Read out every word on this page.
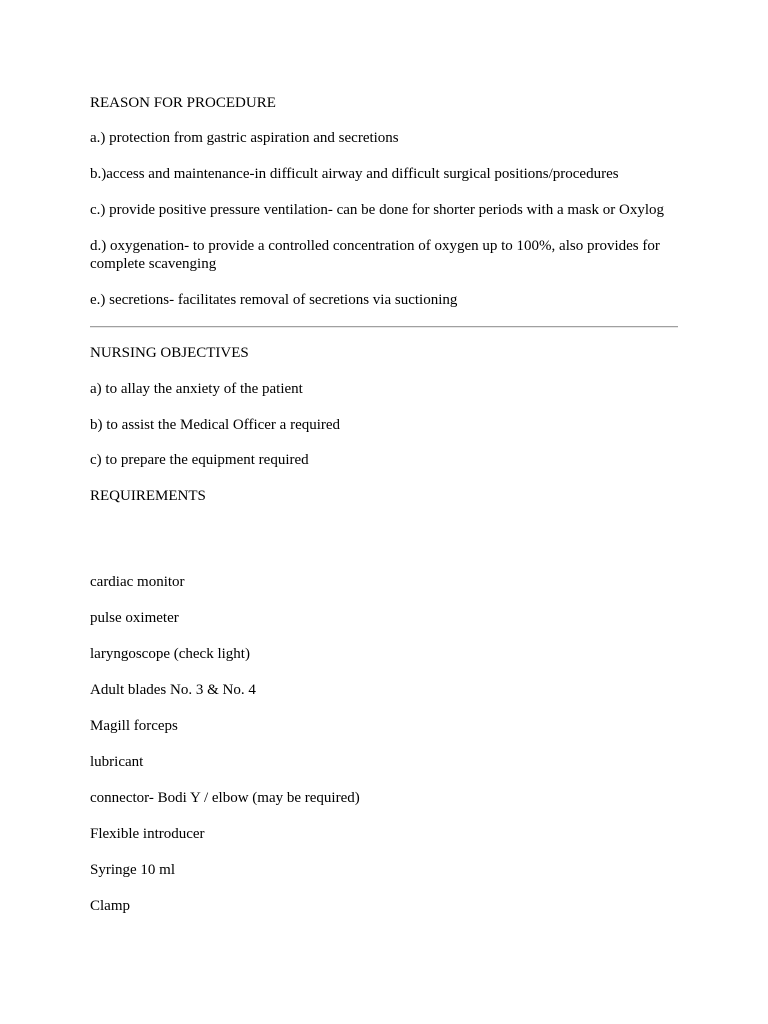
REASON FOR PROCEDURE

a.) protection from gastric aspiration and secretions

b.)access and maintenance-in difficult airway and difficult surgical positions/procedures

c.) provide positive pressure ventilation- can be done for shorter periods with a mask or Oxylog

d.) oxygenation- to provide a controlled concentration of oxygen up to 100%, also provides for complete scavenging

e.) secretions- facilitates removal of secretions via suctioning

NURSING OBJECTIVES

a) to allay the anxiety of the patient

b) to assist the Medical Officer a required

c) to prepare the equipment required

REQUIREMENTS

cardiac monitor

pulse oximeter

laryngoscope (check light)

Adult blades No. 3 & No. 4

Magill forceps

lubricant

connector- Bodi Y / elbow (may be required)

Flexible introducer

Syringe 10 ml

Clamp
